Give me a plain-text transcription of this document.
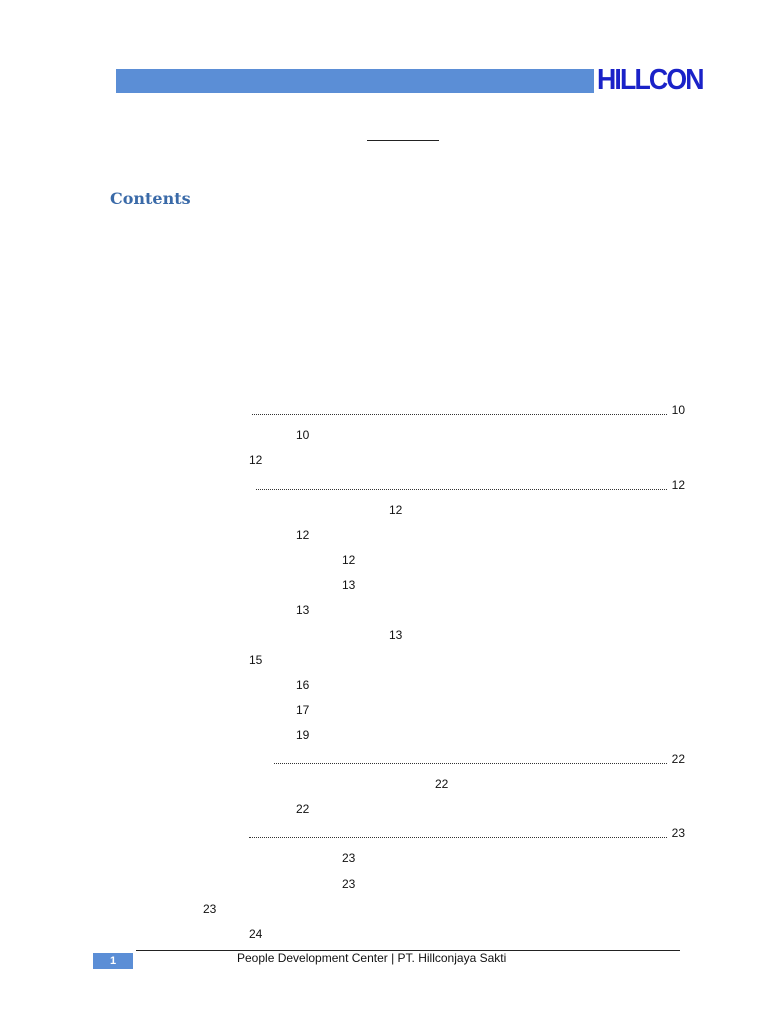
HILLCON
Contents
10
10
12
12
12
12
12
13
13
13
15
16
17
19
22
22
22
23
23
23
23
24
1	People Development Center | PT. Hillconjaya Sakti
